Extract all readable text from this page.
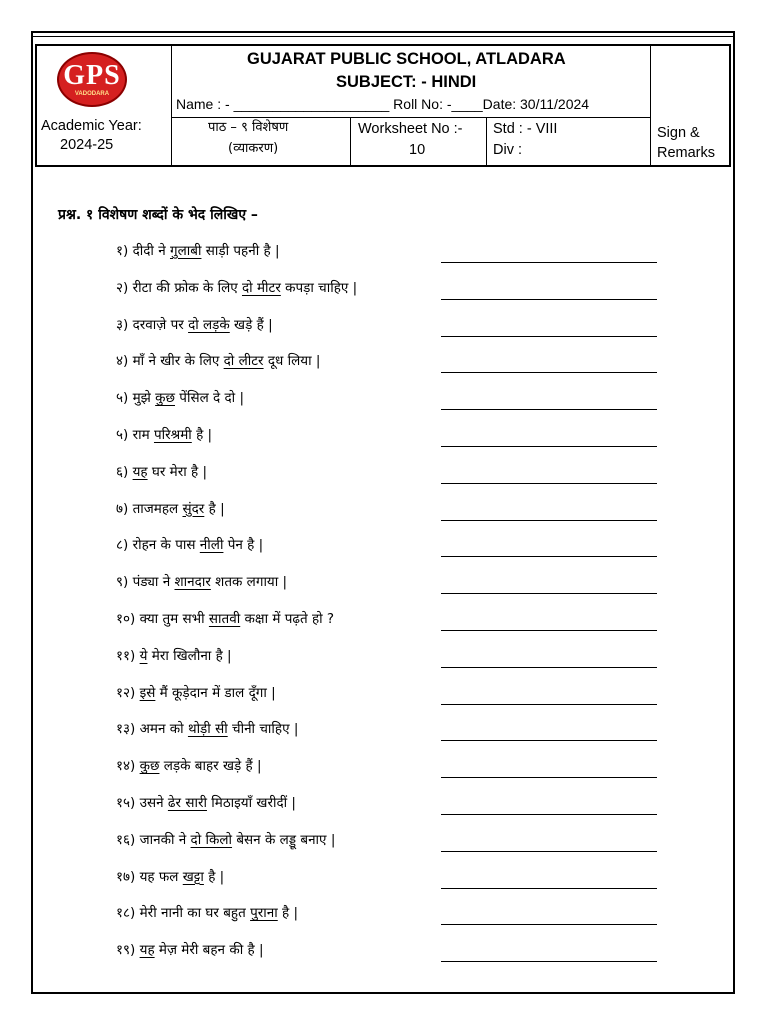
GPS
VADODARA
Academic Year:
2024-25
GUJARAT PUBLIC SCHOOL, ATLADARA
SUBJECT: - HINDI
Name : - ____________________ Roll No: -____Date: 30/11/2024
पाठ – ९ विशेषण
(व्याकरण)
Worksheet No :-
10
Std : - VIII
Div :
Sign &
Remarks
प्रश्न. १ विशेषण शब्दों के भेद लिखिए –
१) दीदी ने गुलाबी साड़ी पहनी है |
२) रीटा की फ्रोक के लिए दो मीटर कपड़ा चाहिए |
३) दरवाज़े पर दो लड़के खड़े हैं |
४) माँ ने खीर के लिए दो लीटर दूध लिया |
५) मुझे कुछ पेंसिल दे दो |
५) राम परिश्रमी है |
६) यह घर मेरा है |
७) ताजमहल सुंदर है |
८) रोहन के पास नीली पेन है |
९) पंड्या ने शानदार शतक लगाया |
१०) क्या तुम सभी सातवी कक्षा में पढ़ते हो ?
११) ये मेरा खिलौना है |
१२) इसे मैं कूड़ेदान में डाल दूँगा |
१३) अमन को थोड़ी सी चीनी चाहिए |
१४) कुछ लड़के बाहर खड़े हैं |
१५) उसने ढेर सारी मिठाइयाँ खरीदीं |
१६) जानकी ने दो किलो बेसन के लड्डू बनाए |
१७) यह फल खट्टा है |
१८) मेरी नानी का घर बहुत पुराना है |
१९) यह मेज़ मेरी बहन की है |
